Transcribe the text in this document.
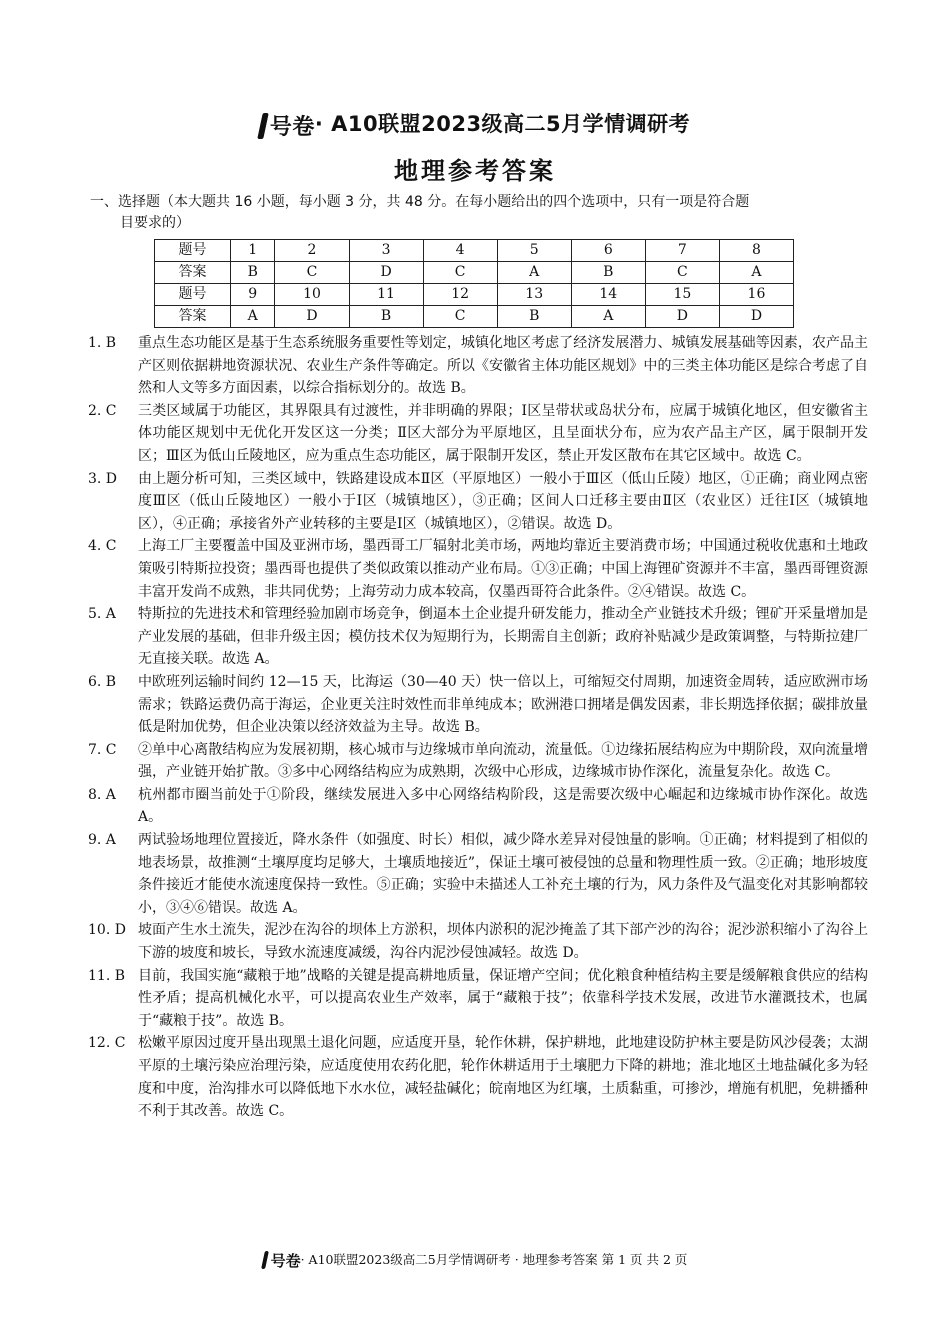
号卷· A10联盟2023级高二5月学情调研考
地理参考答案
一、选择题（本大题共 16 小题，每小题 3 分，共 48 分。在每小题给出的四个选项中，只有一项是符合题
目要求的）
题号	1	2	3	4	5	6	7	8
答案	B	C	D	C	A	B	C	A
题号	9	10	11	12	13	14	15	16
答案	A	D	B	C	B	A	D	D
1. B 重点生态功能区是基于生态系统服务重要性等划定，城镇化地区考虑了经济发展潜力、城镇发展基础等因素，农产品主产区则依据耕地资源状况、农业生产条件等确定。所以《安徽省主体功能区规划》中的三类主体功能区是综合考虑了自然和人文等多方面因素，以综合指标划分的。故选 B。
2. C 三类区域属于功能区，其界限具有过渡性，并非明确的界限；Ⅰ区呈带状或岛状分布，应属于城镇化地区，但安徽省主体功能区规划中无优化开发区这一分类；Ⅱ区大部分为平原地区，且呈面状分布，应为农产品主产区，属于限制开发区；Ⅲ区为低山丘陵地区，应为重点生态功能区，属于限制开发区，禁止开发区散布在其它区域中。故选 C。
3. D 由上题分析可知，三类区域中，铁路建设成本Ⅱ区（平原地区）一般小于Ⅲ区（低山丘陵）地区，①正确；商业网点密度Ⅲ区（低山丘陵地区）一般小于Ⅰ区（城镇地区），③正确；区间人口迁移主要由Ⅱ区（农业区）迁往Ⅰ区（城镇地区），④正确；承接省外产业转移的主要是Ⅰ区（城镇地区），②错误。故选 D。
4. C 上海工厂主要覆盖中国及亚洲市场，墨西哥工厂辐射北美市场，两地均靠近主要消费市场；中国通过税收优惠和土地政策吸引特斯拉投资；墨西哥也提供了类似政策以推动产业布局。①③正确；中国上海锂矿资源并不丰富，墨西哥锂资源丰富开发尚不成熟，非共同优势；上海劳动力成本较高，仅墨西哥符合此条件。②④错误。故选 C。
5. A 特斯拉的先进技术和管理经验加剧市场竞争，倒逼本土企业提升研发能力，推动全产业链技术升级；锂矿开采量增加是产业发展的基础，但非升级主因；模仿技术仅为短期行为，长期需自主创新；政府补贴减少是政策调整，与特斯拉建厂无直接关联。故选 A。
6. B 中欧班列运输时间约 12—15 天，比海运（30—40 天）快一倍以上，可缩短交付周期，加速资金周转，适应欧洲市场需求；铁路运费仍高于海运，企业更关注时效性而非单纯成本；欧洲港口拥堵是偶发因素，非长期选择依据；碳排放量低是附加优势，但企业决策以经济效益为主导。故选 B。
7. C ②单中心离散结构应为发展初期，核心城市与边缘城市单向流动，流量低。①边缘拓展结构应为中期阶段，双向流量增强，产业链开始扩散。③多中心网络结构应为成熟期，次级中心形成，边缘城市协作深化，流量复杂化。故选 C。
8. A 杭州都市圈当前处于①阶段，继续发展进入多中心网络结构阶段，这是需要次级中心崛起和边缘城市协作深化。故选 A。
9. A 两试验场地理位置接近，降水条件（如强度、时长）相似，减少降水差异对侵蚀量的影响。①正确；材料提到了相似的地表场景，故推测“土壤厚度均足够大，土壤质地接近”，保证土壤可被侵蚀的总量和物理性质一致。②正确；地形坡度条件接近才能使水流速度保持一致性。⑤正确；实验中未描述人工补充土壤的行为，风力条件及气温变化对其影响都较小，③④⑥错误。故选 A。
10. D 坡面产生水土流失，泥沙在沟谷的坝体上方淤积，坝体内淤积的泥沙掩盖了其下部产沙的沟谷；泥沙淤积缩小了沟谷上下游的坡度和坡长，导致水流速度减缓，沟谷内泥沙侵蚀减轻。故选 D。
11. B 目前，我国实施“藏粮于地”战略的关键是提高耕地质量，保证增产空间；优化粮食种植结构主要是缓解粮食供应的结构性矛盾；提高机械化水平，可以提高农业生产效率，属于“藏粮于技”；依靠科学技术发展，改进节水灌溉技术，也属于“藏粮于技”。故选 B。
12. C 松嫩平原因过度开垦出现黑土退化问题，应适度开垦，轮作休耕，保护耕地，此地建设防护林主要是防风沙侵袭；太湖平原的土壤污染应治理污染，应适度使用农药化肥，轮作休耕适用于土壤肥力下降的耕地；淮北地区土地盐碱化多为轻度和中度，治沟排水可以降低地下水水位，减轻盐碱化；皖南地区为红壤，土质黏重，可掺沙，增施有机肥，免耕播种不利于其改善。故选 C。
号卷· A10联盟2023级高二5月学情调研考 · 地理参考答案 第 1 页 共 2 页
